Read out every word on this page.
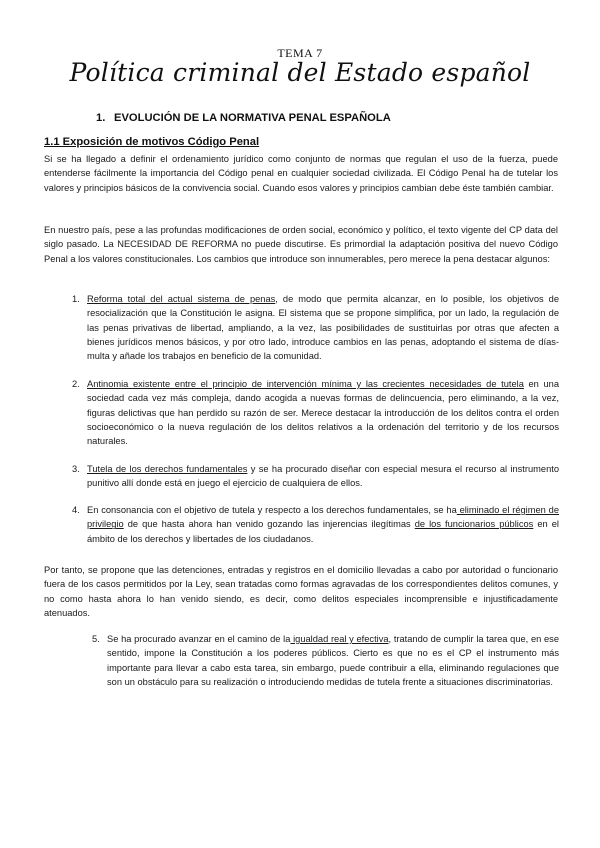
TEMA 7
Política criminal del Estado español
1. EVOLUCIÓN DE LA NORMATIVA PENAL ESPAÑOLA
1.1 Exposición de motivos Código Penal
Si se ha llegado a definir el ordenamiento jurídico como conjunto de normas que regulan el uso de la fuerza, puede entenderse fácilmente la importancia del Código penal en cualquier sociedad civilizada. El Código Penal ha de tutelar los valores y principios básicos de la convivencia social. Cuando esos valores y principios cambian debe éste también cambiar.
En nuestro país, pese a las profundas modificaciones de orden social, económico y político, el texto vigente del CP data del siglo pasado. La NECESIDAD DE REFORMA no puede discutirse. Es primordial la adaptación positiva del nuevo Código Penal a los valores constitucionales. Los cambios que introduce son innumerables, pero merece la pena destacar algunos:
1. Reforma total del actual sistema de penas, de modo que permita alcanzar, en lo posible, los objetivos de resocialización que la Constitución le asigna. El sistema que se propone simplifica, por un lado, la regulación de las penas privativas de libertad, ampliando, a la vez, las posibilidades de sustituirlas por otras que afecten a bienes jurídicos menos básicos, y por otro lado, introduce cambios en las penas, adoptando el sistema de días-multa y añade los trabajos en beneficio de la comunidad.
2. Antinomia existente entre el principio de intervención mínima y las crecientes necesidades de tutela en una sociedad cada vez más compleja, dando acogida a nuevas formas de delincuencia, pero eliminando, a la vez, figuras delictivas que han perdido su razón de ser. Merece destacar la introducción de los delitos contra el orden socioeconómico o la nueva regulación de los delitos relativos a la ordenación del territorio y de los recursos naturales.
3. Tutela de los derechos fundamentales y se ha procurado diseñar con especial mesura el recurso al instrumento punitivo allí donde está en juego el ejercicio de cualquiera de ellos.
4. En consonancia con el objetivo de tutela y respecto a los derechos fundamentales, se ha eliminado el régimen de privilegio de que hasta ahora han venido gozando las injerencias ilegítimas de los funcionarios públicos en el ámbito de los derechos y libertades de los ciudadanos.
Por tanto, se propone que las detenciones, entradas y registros en el domicilio llevadas a cabo por autoridad o funcionario fuera de los casos permitidos por la Ley, sean tratadas como formas agravadas de los correspondientes delitos comunes, y no como hasta ahora lo han venido siendo, es decir, como delitos especiales incomprensible e injustificadamente atenuados.
5. Se ha procurado avanzar en el camino de la igualdad real y efectiva, tratando de cumplir la tarea que, en ese sentido, impone la Constitución a los poderes públicos. Cierto es que no es el CP el instrumento más importante para llevar a cabo esta tarea, sin embargo, puede contribuir a ella, eliminando regulaciones que son un obstáculo para su realización o introduciendo medidas de tutela frente a situaciones discriminatorias.
